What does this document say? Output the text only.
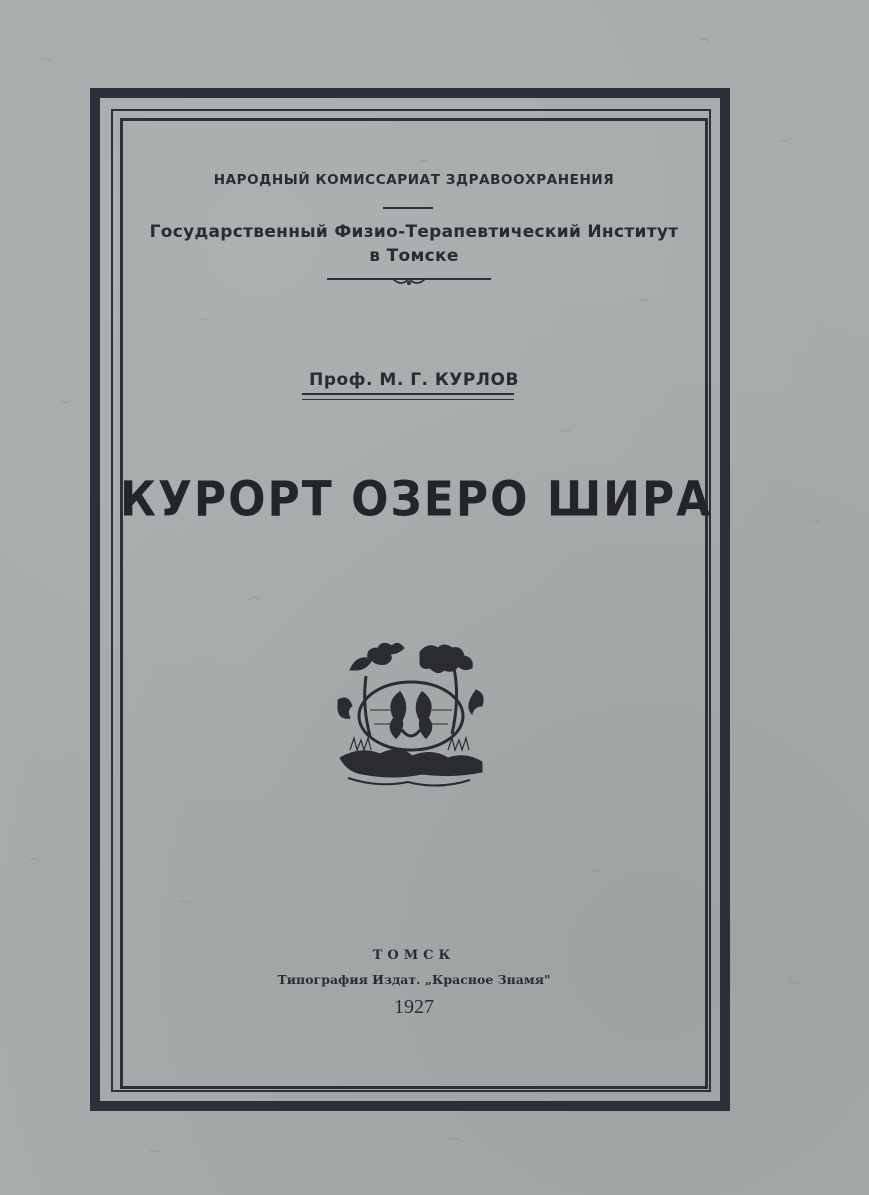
НАРОДНЫЙ КОМИССАРИАТ ЗДРАВООХРАНЕНИЯ
Государственный Физио-Терапевтический Институт
в Томске
Проф. М. Г. КУРЛОВ
КУРОРТ ОЗЕРО ШИРА
ТОМСК
Типография Издат. „Красное Знамя"
1927
